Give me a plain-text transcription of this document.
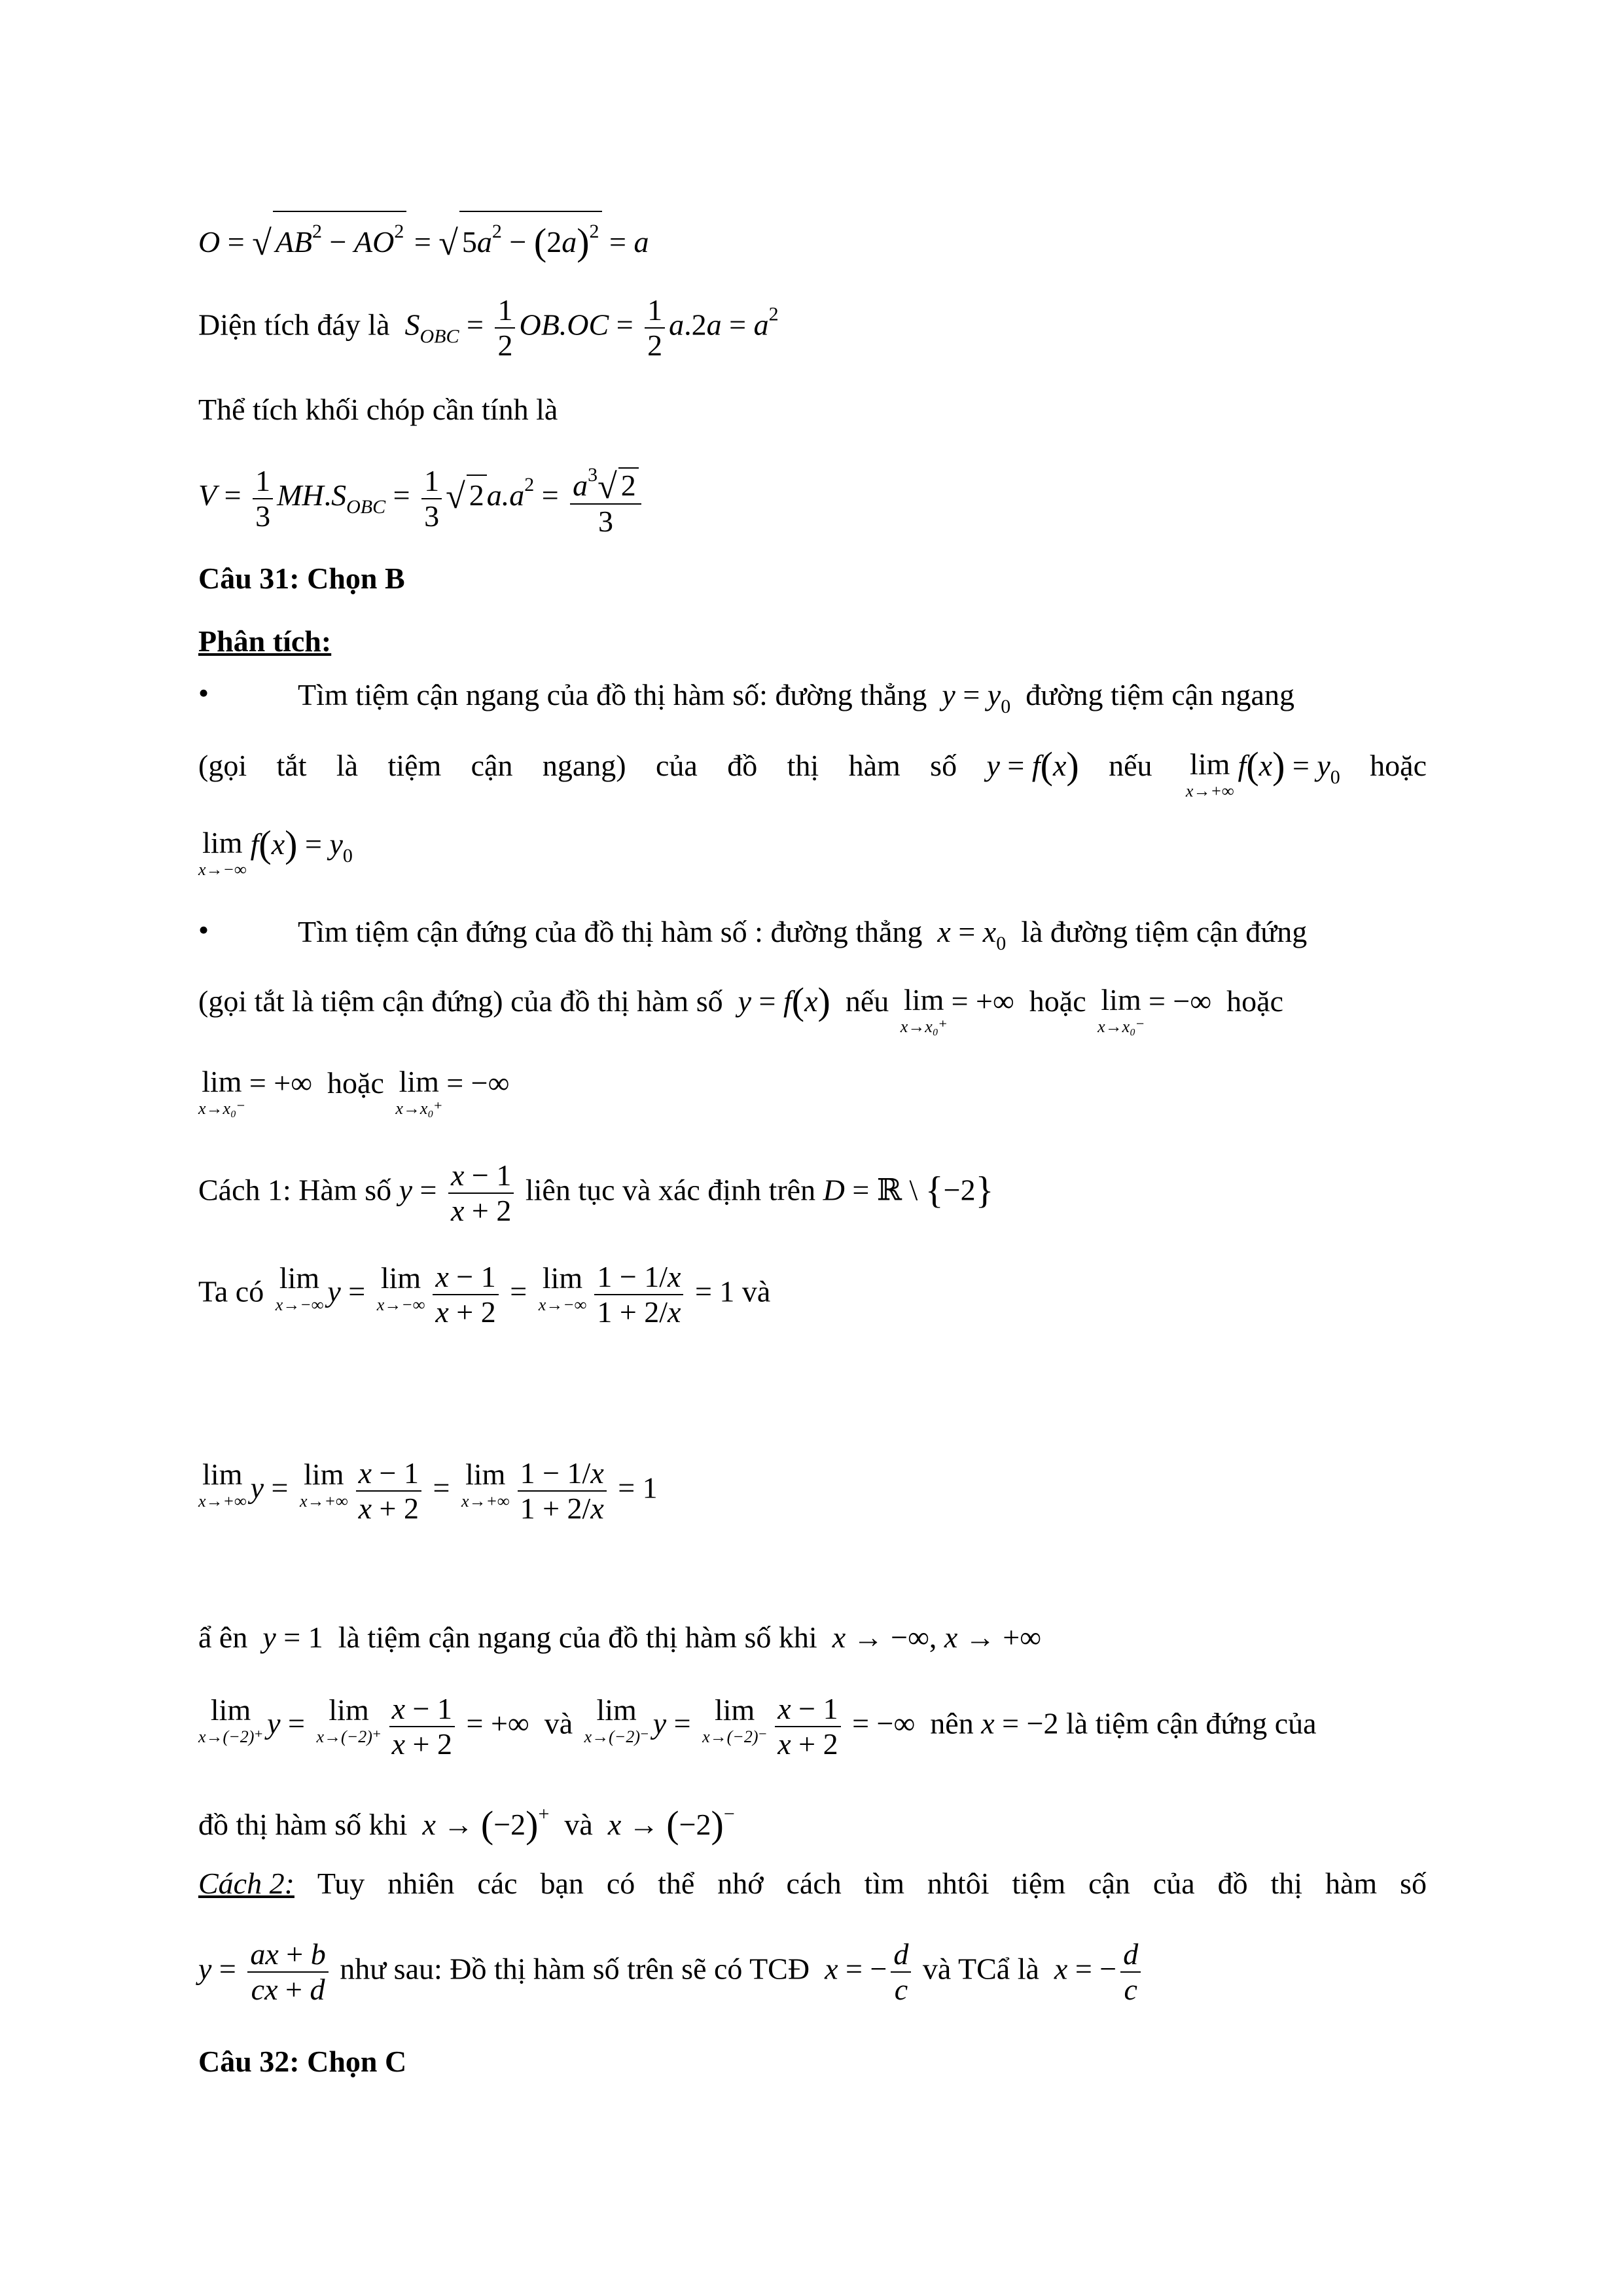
O = √ $AB^2 - AO^2$ = √ $5a^2 - (2a)^2 = a$
Diện tích đáy là  $S_{OBC} = \frac{1}{2} OB.OC = \frac{1}{2} a.2a = a^2$
Thể tích khối chóp cần tính là
$V = \frac{1}{3} MH.S_{OBC} = \frac{1}{3}$ √ $2a.a^2 = \frac{a^3√ 2}{3}$
Câu 31: Chọn B
Phân tích:
•	Tìm tiệm cận ngang của đồ thị hàm số: đường thẳng $y = y_0$ đường tiệm cận ngang
(gọi tắt là tiệm cận ngang) của đồ thị hàm số y = f(x) nếu lim
x→+∞
$f(x) = y_0$ hoặc
lim
x→−∞
$f(x) = y_0$
•	Tìm tiệm cận đứng của đồ thị hàm số : đường thẳng $x = x_0$ là đường tiệm cận đứng
(gọi tắt là tiệm cận đứng) của đồ thị hàm số y = f(x) nếu lim
x→x₀⁺
= +∞  hoặc lim
x→x₀⁻
= −∞  hoặc
lim
x→x₀⁻
= +∞  hoặc lim
x→x₀⁺
= −∞
Cách 1: Hàm số $y = \frac{x - 1}{x + 2}$ liên tục và xác định trên D = ℝ \ {−2}
Ta có lim
x→−∞ y = lim
$x\to-\infty \frac{x - 1}{x + 2} = \lim$
$x\to-\infty \frac{1 - 1/x}{1 + 2/x} = 1$ và
lim
x→+∞ y = lim
$x\to+\infty \frac{x - 1}{x + 2} = \lim$
$x\to+\infty \frac{1 - 1/x}{1 + 2/x} = 1$
ẩ ên y = 1  là tiệm cận ngang của đồ thị hàm số khi x → −∞, x → +∞
lim
x→(−2)⁺ y = lim
$x\to(-2)^+ \frac{x - 1}{x + 2}$ = +∞  và lim
x→(−2)⁻ y = lim
$x\to(-2)^- \frac{x - 1}{x + 2}$ = −∞  nên x = −2 là tiệm cận đứng của
đồ thị hàm số khi x → (−2)+ và x → (−2)−
Cách 2: Tuy nhiên các bạn có thể nhớ cách tìm nhtôi tiệm cận của đồ thị hàm số
$y = \frac{ax + b}{cx + d}$ như sau: Đồ thị hàm số trên sẽ có TCĐ x = − $\frac{d}{c}$ và TCẩ là x = − $\frac{d}{c}$
Câu 32: Chọn C
